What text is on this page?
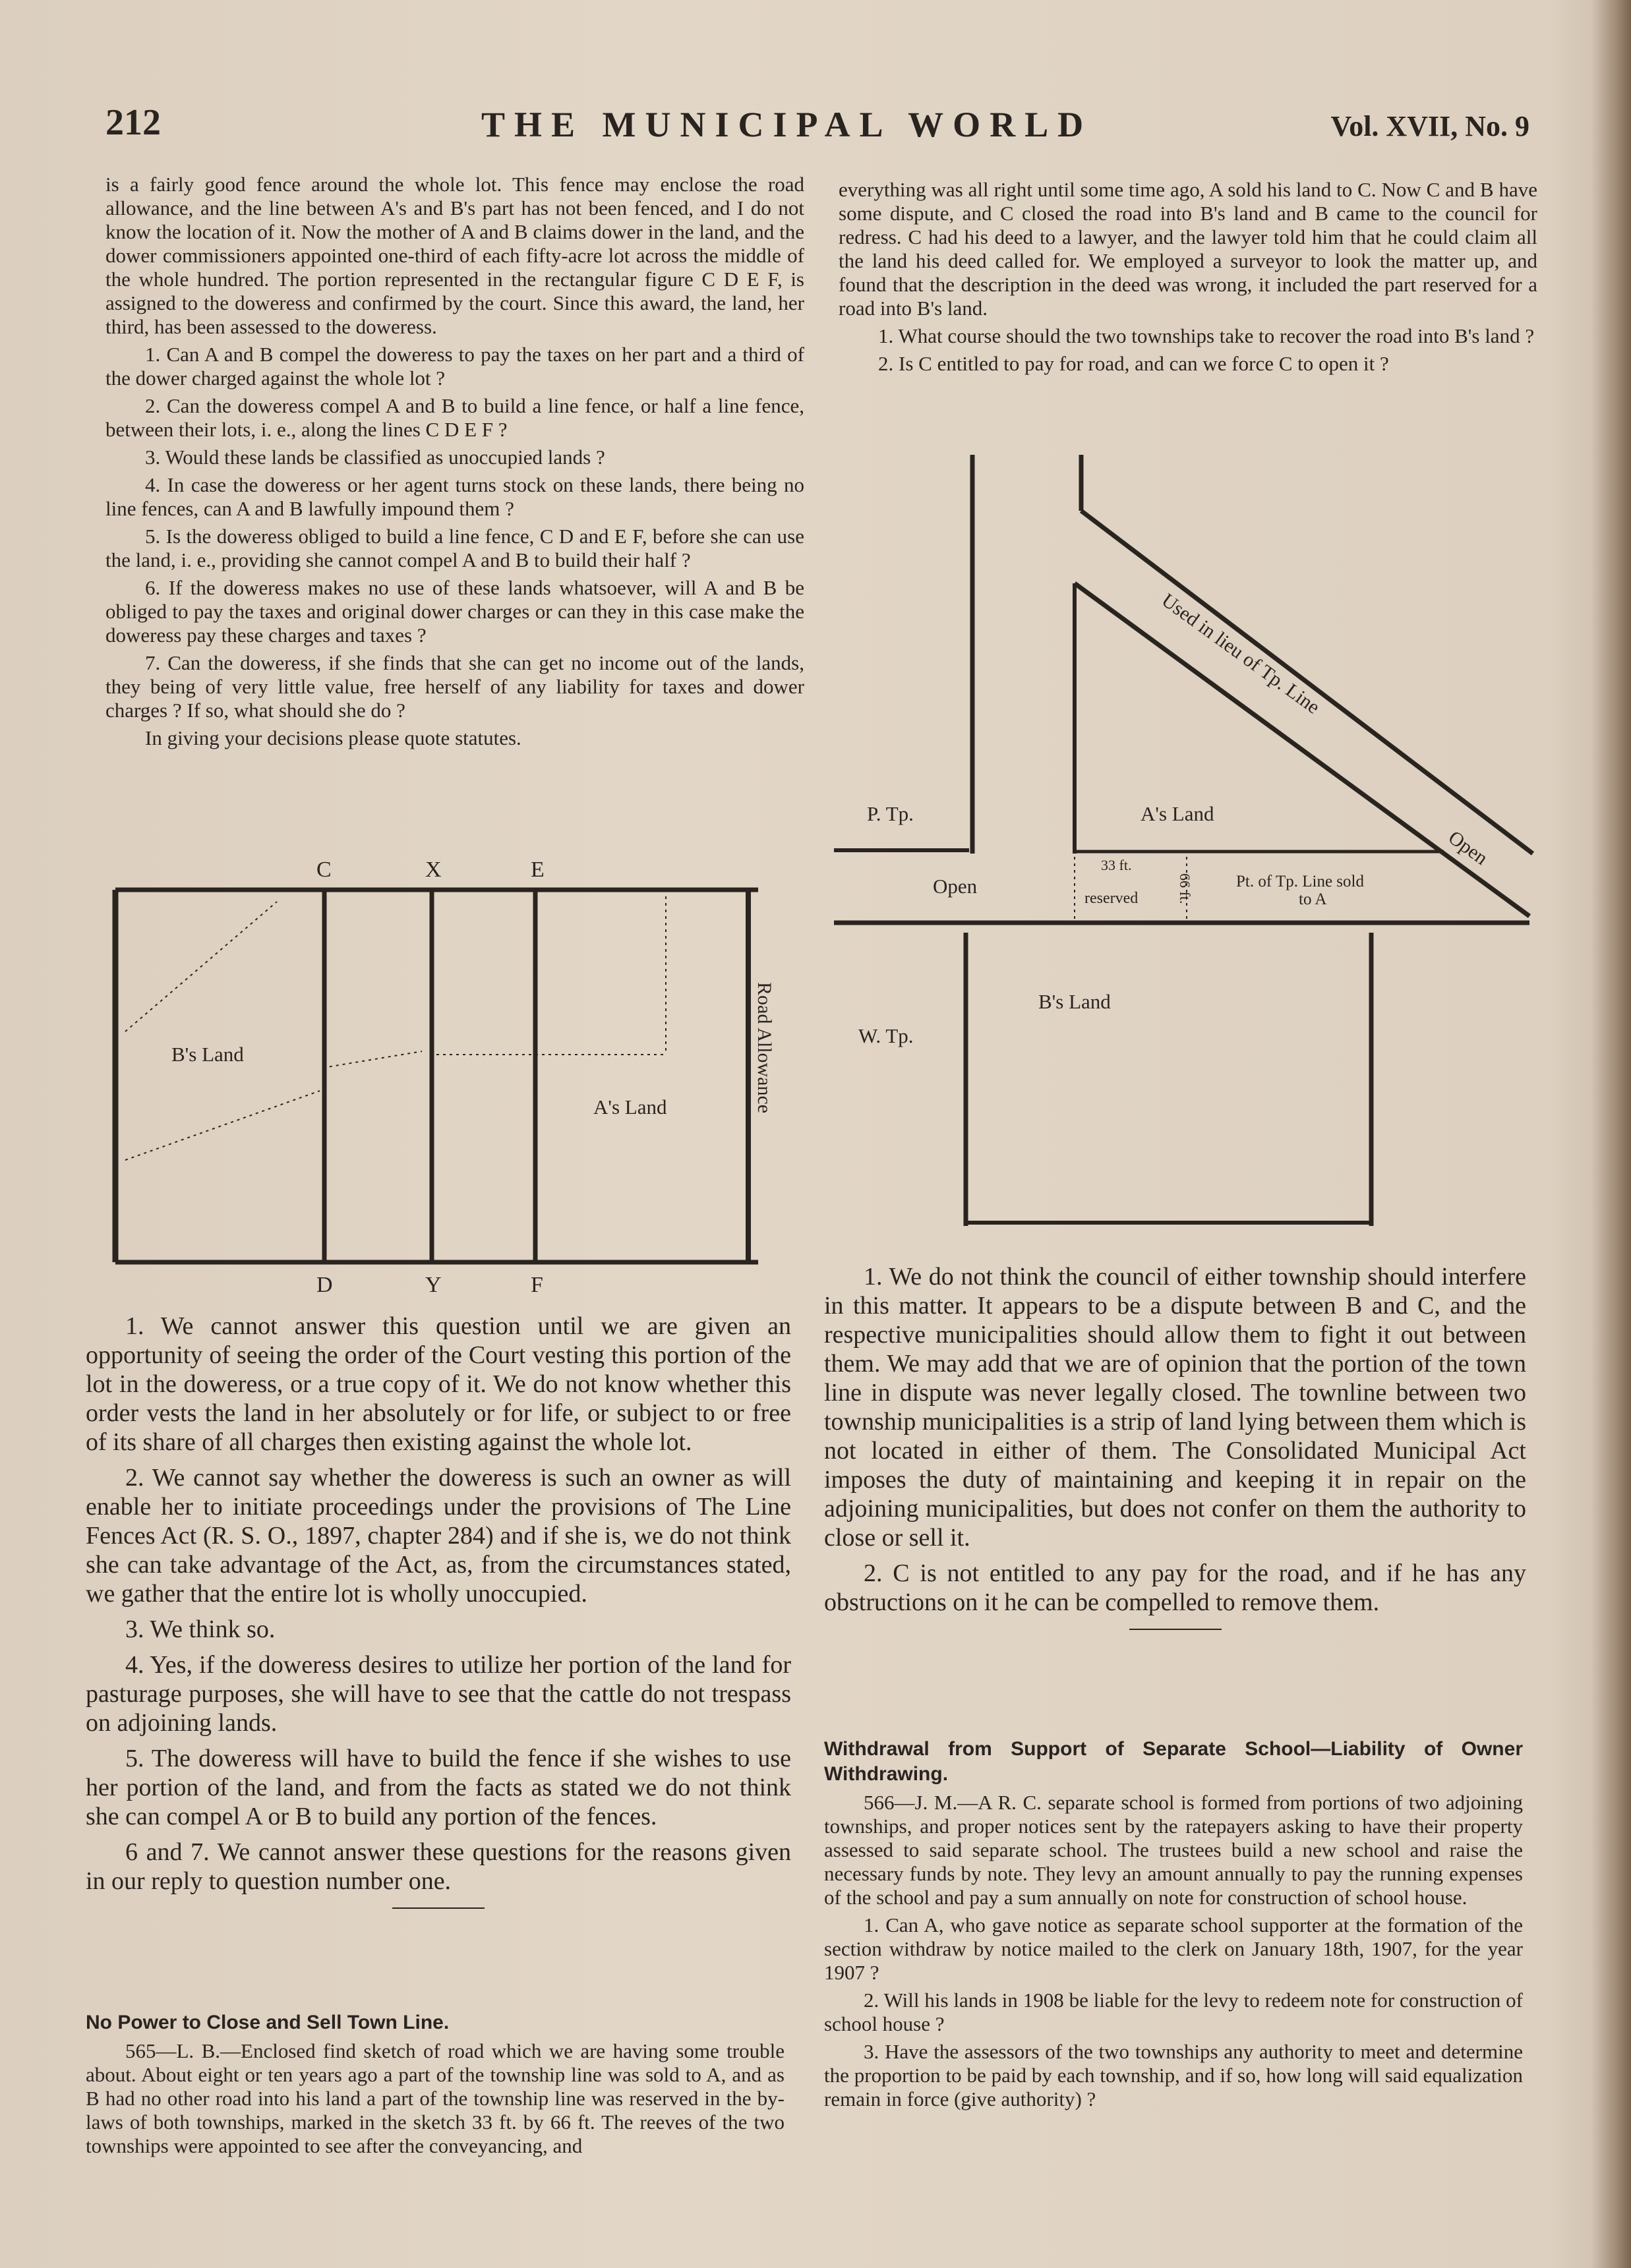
212	THE MUNICIPAL WORLD	Vol. XVII, No. 9

is a fairly good fence around the whole lot. This fence may enclose the road allowance, and the line between A's and B's part has not been fenced, and I do not know the location of it. Now the mother of A and B claims dower in the land, and the dower commissioners appointed one-third of each fifty-acre lot across the middle of the whole hundred. The portion represented in the rectangular figure C D E F, is assigned to the doweress and confirmed by the court. Since this award, the land, her third, has been assessed to the doweress.

1. Can A and B compel the doweress to pay the taxes on her part and a third of the dower charged against the whole lot ?

2. Can the doweress compel A and B to build a line fence, or half a line fence, between their lots, i. e., along the lines C D E F ?

3. Would these lands be classified as unoccupied lands ?

4. In case the doweress or her agent turns stock on these lands, there being no line fences, can A and B lawfully impound them ?

5. Is the doweress obliged to build a line fence, C D and E F, before she can use the land, i. e., providing she cannot compel A and B to build their half ?

6. If the doweress makes no use of these lands whatsoever, will A and B be obliged to pay the taxes and original dower charges or can they in this case make the doweress pay these charges and taxes ?

7. Can the doweress, if she finds that she can get no income out of the lands, they being of very little value, free herself of any liability for taxes and dower charges ? If so, what should she do ?

In giving your decisions please quote statutes.

C	X	E
D	Y	F
B's Land
A's Land	Road Allowance

1. We cannot answer this question until we are given an opportunity of seeing the order of the Court vesting this portion of the lot in the doweress, or a true copy of it. We do not know whether this order vests the land in her absolutely or for life, or subject to or free of its share of all charges then existing against the whole lot.

2. We cannot say whether the doweress is such an owner as will enable her to initiate proceedings under the provisions of The Line Fences Act (R. S. O., 1897, chapter 284) and if she is, we do not think she can take advantage of the Act, as, from the circumstances stated, we gather that the entire lot is wholly unoccupied.

3. We think so.

4. Yes, if the doweress desires to utilize her portion of the land for pasturage purposes, she will have to see that the cattle do not trespass on adjoining lands.

5. The doweress will have to build the fence if she wishes to use her portion of the land, and from the facts as stated we do not think she can compel A or B to build any portion of the fences.

6 and 7. We cannot answer these questions for the reasons given in our reply to question number one.

No Power to Close and Sell Town Line.

565—L. B.—Enclosed find sketch of road which we are having some trouble about. About eight or ten years ago a part of the township line was sold to A, and as B had no other road into his land a part of the township line was reserved in the by-laws of both townships, marked in the sketch 33 ft. by 66 ft. The reeves of the two townships were appointed to see after the conveyancing, and

everything was all right until some time ago, A sold his land to C. Now C and B have some dispute, and C closed the road into B's land and B came to the council for redress. C had his deed to a lawyer, and the lawyer told him that he could claim all the land his deed called for. We employed a surveyor to look the matter up, and found that the description in the deed was wrong, it included the part reserved for a road into B's land.

1. What course should the two townships take to recover the road into B's land ?

2. Is C entitled to pay for road, and can we force C to open it ?

Used in lieu of Tp. Line
Open
P. Tp.	A's Land
33 ft.
reserved	66 ft.	Pt. of Tp. Line sold
to A
Open
B's Land
W. Tp.

1. We do not think the council of either township should interfere in this matter. It appears to be a dispute between B and C, and the respective municipalities should allow them to fight it out between them. We may add that we are of opinion that the portion of the town line in dispute was never legally closed. The townline between two township municipalities is a strip of land lying between them which is not located in either of them. The Consolidated Municipal Act imposes the duty of maintaining and keeping it in repair on the adjoining municipalities, but does not confer on them the authority to close or sell it.

2. C is not entitled to any pay for the road, and if he has any obstructions on it he can be compelled to remove them.

Withdrawal from Support of Separate School—Liability of Owner Withdrawing.

566—J. M.—A R. C. separate school is formed from portions of two adjoining townships, and proper notices sent by the ratepayers asking to have their property assessed to said separate school. The trustees build a new school and raise the necessary funds by note. They levy an amount annually to pay the running expenses of the school and pay a sum annually on note for construction of school house.

1. Can A, who gave notice as separate school supporter at the formation of the section withdraw by notice mailed to the clerk on January 18th, 1907, for the year 1907 ?

2. Will his lands in 1908 be liable for the levy to redeem note for construction of school house ?

3. Have the assessors of the two townships any authority to meet and determine the proportion to be paid by each township, and if so, how long will said equalization remain in force (give authority) ?
